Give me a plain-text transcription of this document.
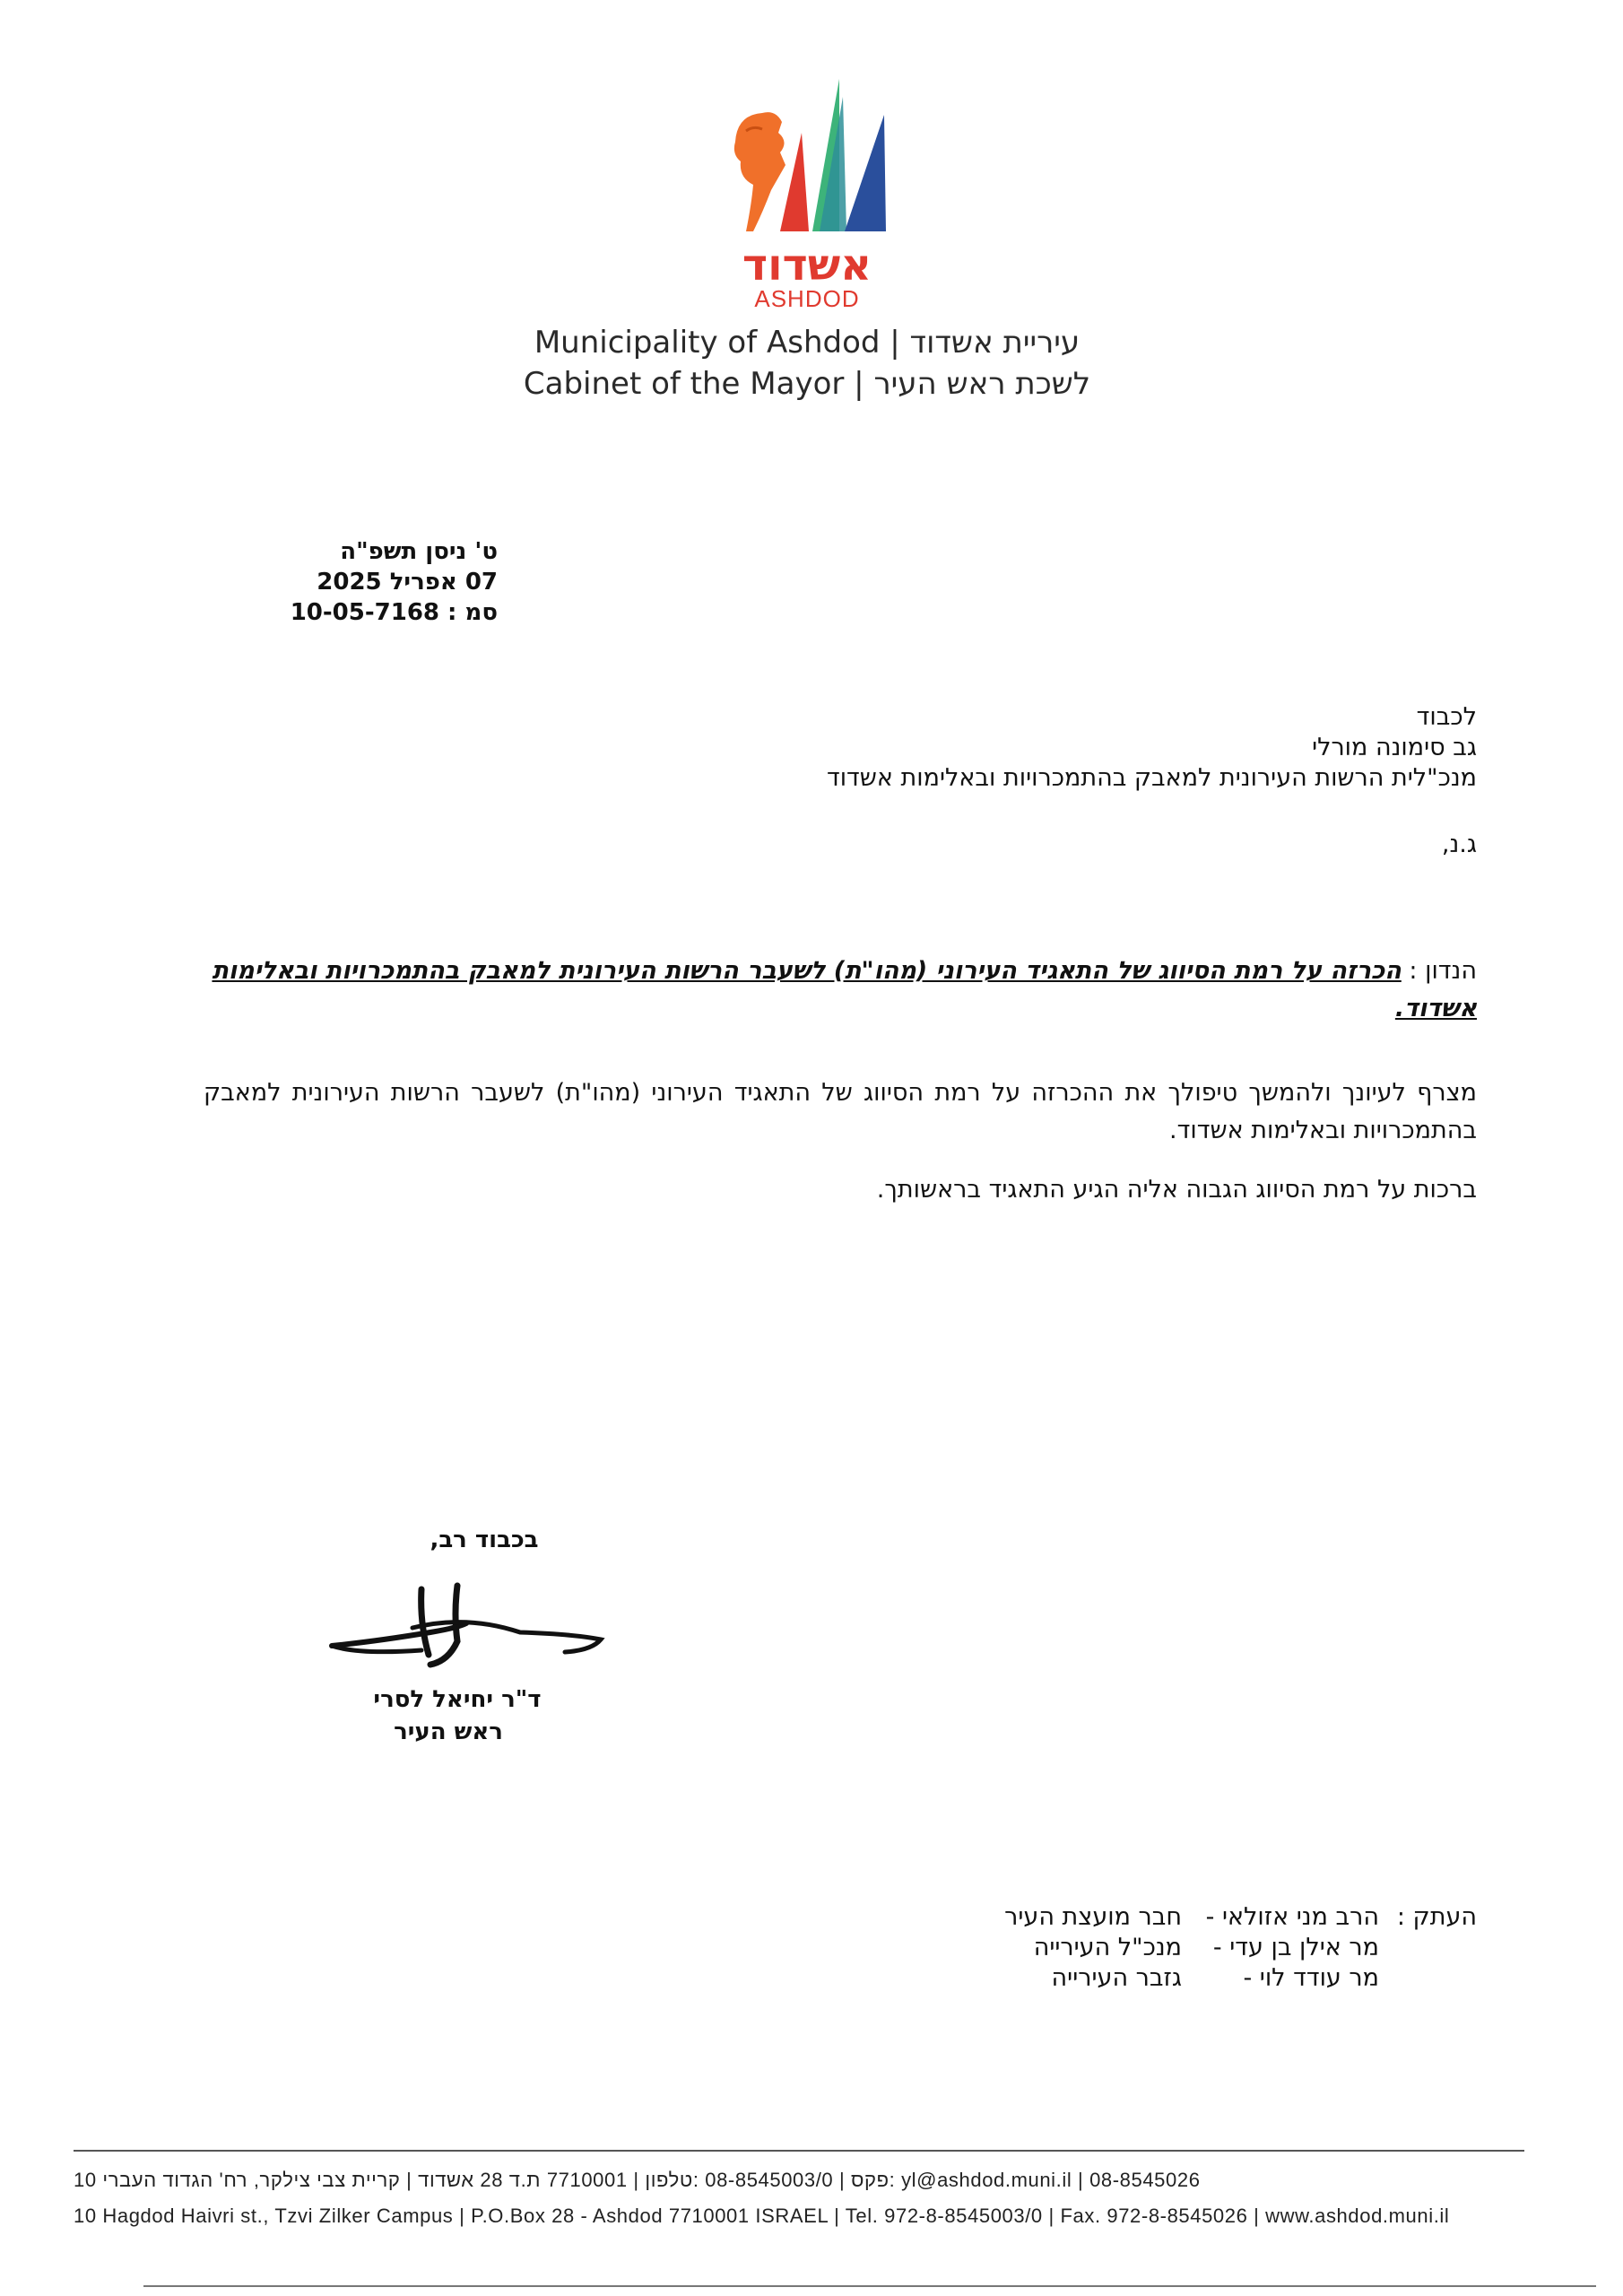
אשדוד
ASHDOD
Municipality of Ashdod | עיריית אשדוד
Cabinet of the Mayor | לשכת ראש העיר
ט' ניסן תשפ"ה
07 אפריל 2025
סמ : 10-05-7168
לכבוד
גב סימונה מורלי
מנכ"לית הרשות העירונית למאבק בהתמכרויות ובאלימות אשדוד
ג.נ,
הנדון : הכרזה על רמת הסיווג של התאגיד העירוני (מהו"ת) לשעבר הרשות העירונית למאבק בהתמכרויות ובאלימות אשדוד.
מצרף לעיונך ולהמשך טיפולך את ההכרזה על רמת הסיווג של התאגיד העירוני (מהו"ת) לשעבר הרשות העירונית למאבק בהתמכרויות ובאלימות אשדוד.
ברכות על רמת הסיווג הגבוה אליה הגיע התאגיד בראשותך.
בכבוד רב,
ד"ר יחיאל לסרי
ראש העיר
העתק :
הרב מני אזולאי -
חבר מועצת העיר
מר אילן בן עדי -
מנכ"ל העירייה
מר עודד לוי -
גזבר העירייה
yl@ashdod.muni.il | 08-8545026 :פקס | 08-8545003/0 :טלפון | 7710001 ת.ד 28 אשדוד | קריית צבי צילקר, רח' הגדוד העברי 10
10 Hagdod Haivri st., Tzvi Zilker Campus | P.O.Box 28 - Ashdod 7710001 ISRAEL | Tel. 972-8-8545003/0 | Fax. 972-8-8545026 | www.ashdod.muni.il
